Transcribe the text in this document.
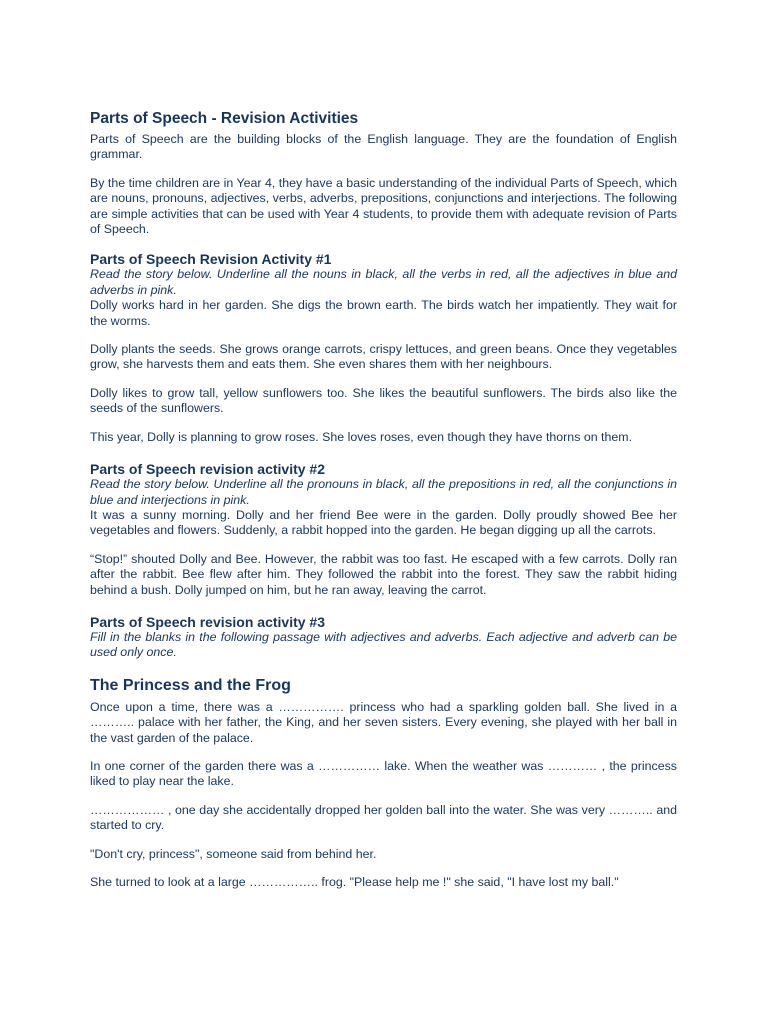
Parts of Speech - Revision Activities

Parts of Speech are the building blocks of the English language. They are the foundation of English grammar.

By the time children are in Year 4, they have a basic understanding of the individual Parts of Speech, which are nouns, pronouns, adjectives, verbs, adverbs, prepositions, conjunctions and interjections. The following are simple activities that can be used with Year 4 students, to provide them with adequate revision of Parts of Speech.

Parts of Speech Revision Activity #1

Read the story below. Underline all the nouns in black, all the verbs in red, all the adjectives in blue and adverbs in pink.

Dolly works hard in her garden. She digs the brown earth. The birds watch her impatiently. They wait for the worms.

Dolly plants the seeds. She grows orange carrots, crispy lettuces, and green beans. Once they vegetables grow, she harvests them and eats them. She even shares them with her neighbours.

Dolly likes to grow tall, yellow sunflowers too. She likes the beautiful sunflowers. The birds also like the seeds of the sunflowers.

This year, Dolly is planning to grow roses. She loves roses, even though they have thorns on them.

Parts of Speech revision activity #2

Read the story below. Underline all the pronouns in black, all the prepositions in red, all the conjunctions in blue and interjections in pink.

It was a sunny morning. Dolly and her friend Bee were in the garden. Dolly proudly showed Bee her vegetables and flowers. Suddenly, a rabbit hopped into the garden. He began digging up all the carrots.

“Stop!” shouted Dolly and Bee. However, the rabbit was too fast. He escaped with a few carrots. Dolly ran after the rabbit. Bee flew after him. They followed the rabbit into the forest. They saw the rabbit hiding behind a bush. Dolly jumped on him, but he ran away, leaving the carrot.

Parts of Speech revision activity #3

Fill in the blanks in the following passage with adjectives and adverbs. Each adjective and adverb can be used only once.

The Princess and the Frog

Once upon a time, there was a ……………. princess who had a sparkling golden ball. She lived in a ……….. palace with her father, the King, and her seven sisters. Every evening, she played with her ball in the vast garden of the palace.

In one corner of the garden there was a …………… lake. When the weather was ………… , the princess liked to play near the lake.

……………… , one day she accidentally dropped her golden ball into the water. She was very ……….. and started to cry.

"Don't cry, princess", someone said from behind her.

She turned to look at a large …………….. frog. "Please help me !" she said, "I have lost my ball."
